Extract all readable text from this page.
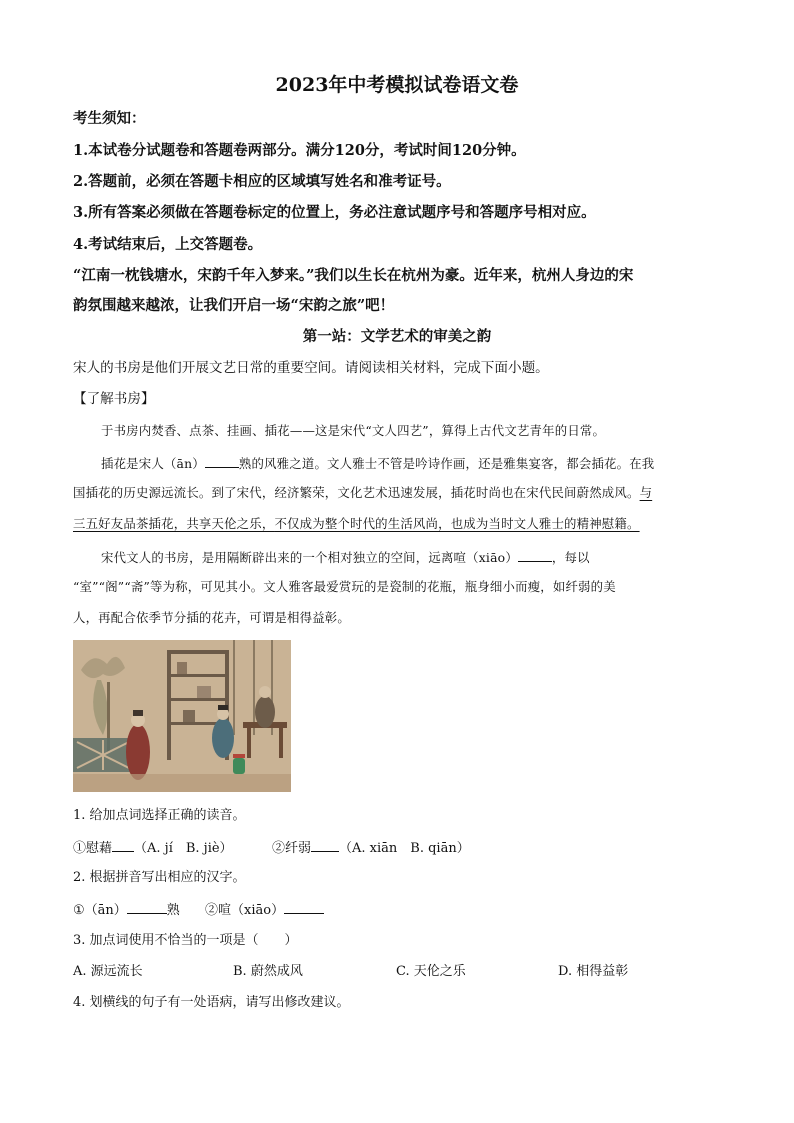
2023年中考模拟试卷语文卷
考生须知：
1.本试卷分试题卷和答题卷两部分。满分120分，考试时间120分钟。
2.答题前，必须在答题卡相应的区域填写姓名和准考证号。
3.所有答案必须做在答题卷标定的位置上，务必注意试题序号和答题序号相对应。
4.考试结束后，上交答题卷。
“江南一枕钱塘水，宋韵千年入梦来。”我们以生长在杭州为豪。近年来，杭州人身边的宋
韵氛围越来越浓，让我们开启一场“宋韵之旅”吧！
第一站：文学艺术的审美之韵
宋人的书房是他们开展文艺日常的重要空间。请阅读相关材料，完成下面小题。
【了解书房】
于书房内焚香、点茶、挂画、插花——这是宋代“文人四艺”，算得上古代文艺青年的日常。
插花是宋人（ān）	熟的风雅之道。文人雅士不管是吟诗作画，还是雅集宴客，都会插花。在我
国插花的历史源远流长。到了宋代，经济繁荣，文化艺术迅速发展，插花时尚也在宋代民间蔚然成风。与
三五好友品茶插花，共享天伦之乐，不仅成为整个时代的生活风尚，也成为当时文人雅士的精神慰籍。
宋代文人的书房，是用隔断辟出来的一个相对独立的空间，远离喧（xiāo）	，每以
“室”“阁”“斋”等为称，可见其小。文人雅客最爱赏玩的是瓷制的花瓶，瓶身细小而瘦，如纤弱的美
人，再配合依季节分插的花卉，可谓是相得益彰。
1. 给加点词选择正确的读音。
①慰藉 （A. jí　B. jiè）	②纤弱 （A. xiān　B. qiān）
2. 根据拼音写出相应的汉字。
①（ān）	熟 ②喧（xiāo）
3. 加点词使用不恰当的一项是（　　）
A. 源远流长	B. 蔚然成风	C. 天伦之乐	D. 相得益彰
4. 划横线的句子有一处语病，请写出修改建议。
